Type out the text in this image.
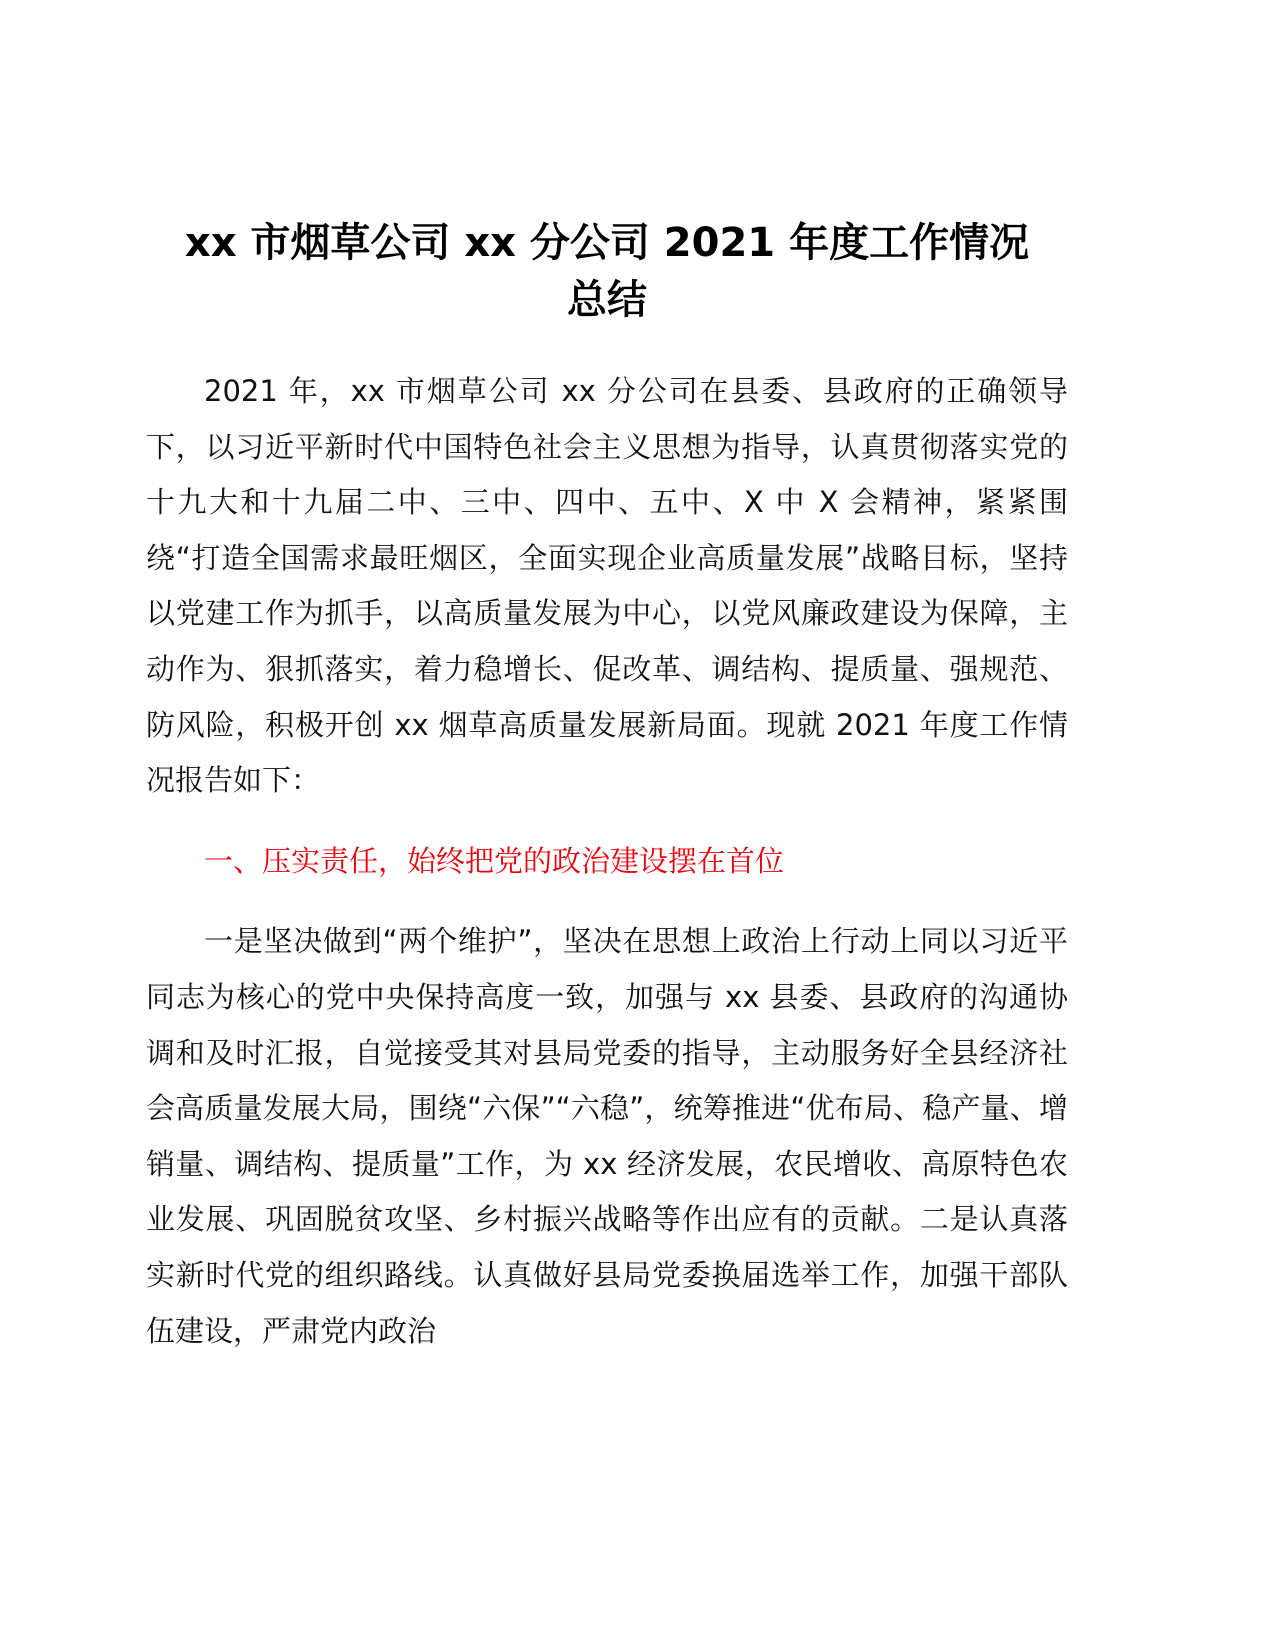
xx 市烟草公司 xx 分公司 2021 年度工作情况
总结

2021 年，xx 市烟草公司 xx 分公司在县委、县政府的正确领导下，以习近平新时代中国特色社会主义思想为指导，认真贯彻落实党的十九大和十九届二中、三中、四中、五中、X 中 X 会精神，紧紧围绕“打造全国需求最旺烟区，全面实现企业高质量发展”战略目标，坚持以党建工作为抓手，以高质量发展为中心，以党风廉政建设为保障，主动作为、狠抓落实，着力稳增长、促改革、调结构、提质量、强规范、防风险，积极开创 xx 烟草高质量发展新局面。现就 2021 年度工作情况报告如下：

一、压实责任，始终把党的政治建设摆在首位

一是坚决做到“两个维护”，坚决在思想上政治上行动上同以习近平同志为核心的党中央保持高度一致，加强与 xx 县委、县政府的沟通协调和及时汇报，自觉接受其对县局党委的指导，主动服务好全县经济社会高质量发展大局，围绕“六保”“六稳”，统筹推进“优布局、稳产量、增销量、调结构、提质量”工作，为 xx 经济发展，农民增收、高原特色农业发展、巩固脱贫攻坚、乡村振兴战略等作出应有的贡献。二是认真落实新时代党的组织路线。认真做好县局党委换届选举工作，加强干部队伍建设，严肃党内政治
